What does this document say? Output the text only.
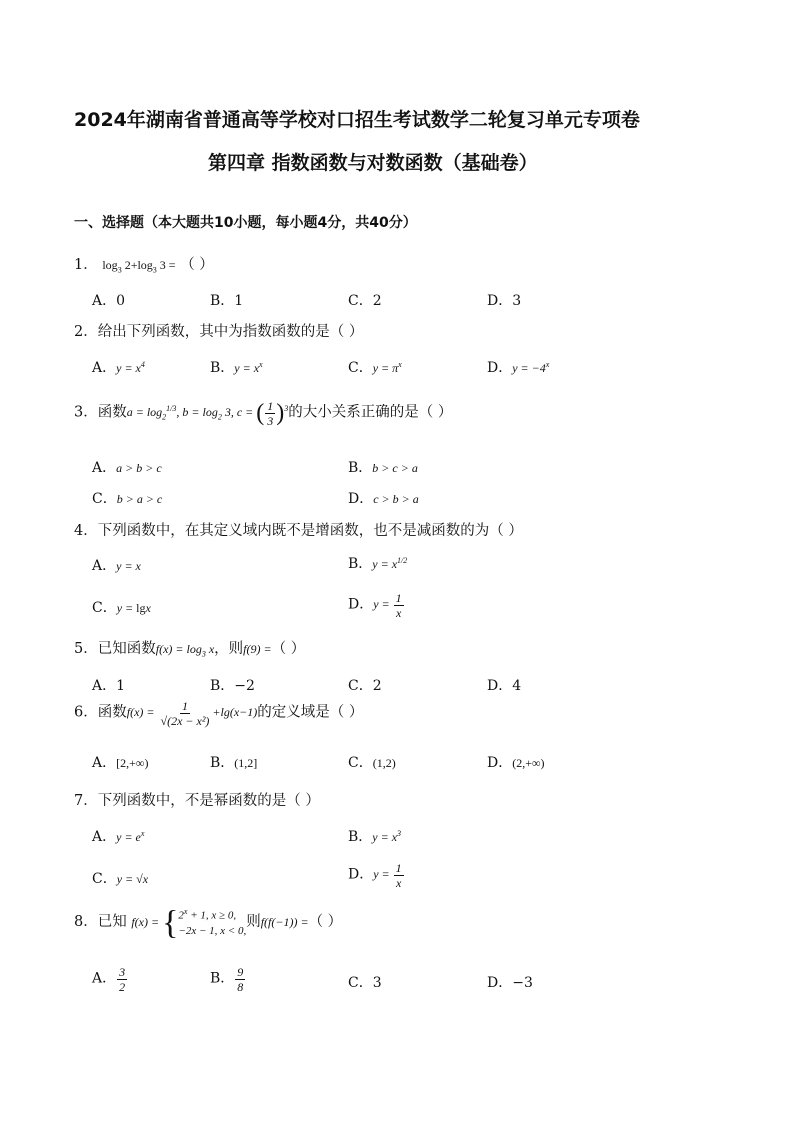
2024年湖南省普通高等学校对口招生考试数学二轮复习单元专项卷
第四章 指数函数与对数函数（基础卷）
一、选择题（本大题共10小题，每小题4分，共40分）
1． $\log_3 2+\log_3$ 3 = （ ）
A．0	B．1	C．2	D．3
2．给出下列函数，其中为指数函数的是（ ）
A．$y = x^4$	B．$y = x^x$	C．$y = \pi^x$	D．$y = -4^x$
3．函数$a = \log_2^{1/3}$, $b = \log_2 3$, c = ( $\frac{1}{3} )^3$的大小关系正确的是（ ）
A．a > b > c	B．b > c > a
C．b > a > c	D．c > b > a
4．下列函数中，在其定义域内既不是增函数，也不是减函数的为（ ）
A．y = x	B．$y = x^{1/2}$
C．y = lgx	D．$y = \frac{1}{x}$
5．已知函数$f(x) = \log_3 x$，则f(9) =（ ）
A．1	B．−2	C．2	D．4
6．函数$f(x) = \frac{1}{\text{√(2x − x²)}} +\lg(x-1)$的定义域是（ ）
A．[2,+∞)	B．(1,2]	C．(1,2)	D．(2,+∞)
7．下列函数中，不是幂函数的是（ ）
A．$y = e^x$	B．$y = x^3$
C．y = √x	D．$y = \frac{1}{x}$
8．已知 f(x) = { $2^x + 1$, x ≥ 0,
−2x − 1, x < 0,
则f(f(−1)) =（ ）
A． $\frac{3}{2}$	B． $\frac{9}{8}$	C．3	D．−3
